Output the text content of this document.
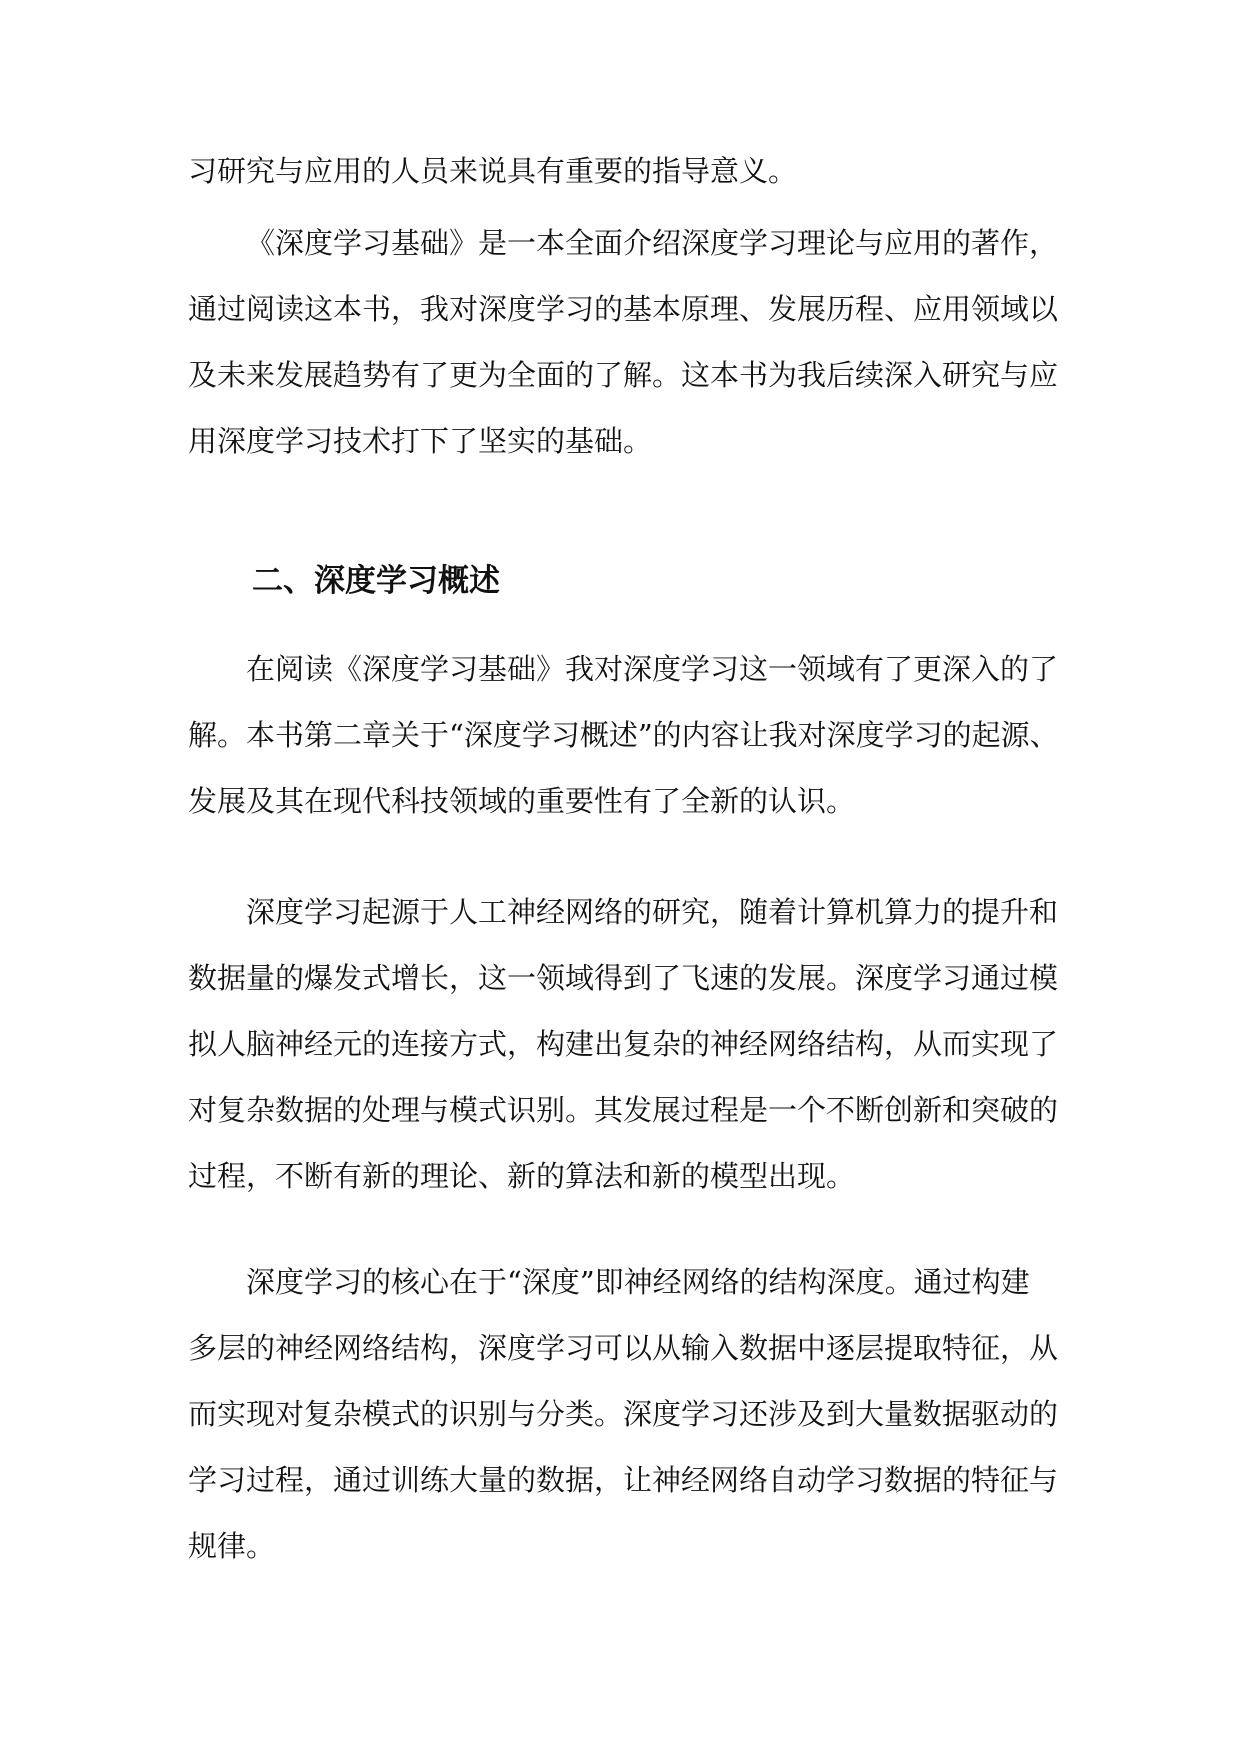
习研究与应用的人员来说具有重要的指导意义。
《深度学习基础》是一本全面介绍深度学习理论与应用的著作，
通过阅读这本书，我对深度学习的基本原理、发展历程、应用领域以
及未来发展趋势有了更为全面的了解。这本书为我后续深入研究与应
用深度学习技术打下了坚实的基础。
二、深度学习概述
在阅读《深度学习基础》我对深度学习这一领域有了更深入的了
解。本书第二章关于“深度学习概述”的内容让我对深度学习的起源、
发展及其在现代科技领域的重要性有了全新的认识。
深度学习起源于人工神经网络的研究，随着计算机算力的提升和
数据量的爆发式增长，这一领域得到了飞速的发展。深度学习通过模
拟人脑神经元的连接方式，构建出复杂的神经网络结构，从而实现了
对复杂数据的处理与模式识别。其发展过程是一个不断创新和突破的
过程，不断有新的理论、新的算法和新的模型出现。
深度学习的核心在于“深度”即神经网络的结构深度。通过构建
多层的神经网络结构，深度学习可以从输入数据中逐层提取特征，从
而实现对复杂模式的识别与分类。深度学习还涉及到大量数据驱动的
学习过程，通过训练大量的数据，让神经网络自动学习数据的特征与
规律。
